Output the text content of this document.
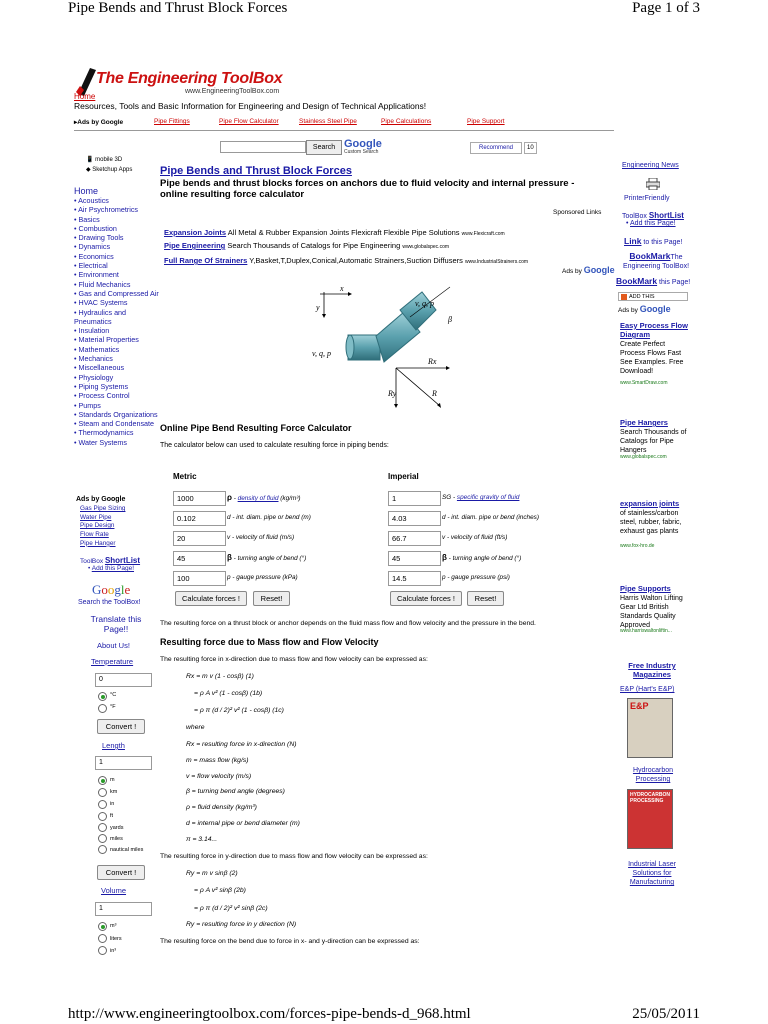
Pipe Bends and Thrust Block Forces	Page 1 of 3
http://www.engineeringtoolbox.com/forces-pipe-bends-d_968.html	25/05/2011
The Engineering ToolBox
www.EngineeringToolBox.com
Home
Resources, Tools and Basic Information for Engineering and Design of Technical Applications!
▸Ads by Google	Pipe Fittings	Pipe Flow Calculator	Stainless Steel Pipe	Pipe Calculations	Pipe Support
Search Google
Custom Search
Recommend	10
📱 mobile 3D
◆ Sketchup Apps
Home
• Acoustics
• Air Psychrometrics
• Basics
• Combustion
• Drawing Tools
• Dynamics
• Economics
• Electrical
• Environment
• Fluid Mechanics
• Gas and Compressed Air
• HVAC Systems
• Hydraulics and Pneumatics
• Insulation
• Material Properties
• Mathematics
• Mechanics
• Miscellaneous
• Physiology
• Piping Systems
• Process Control
• Pumps
• Standards Organizations
• Steam and Condensate
• Thermodynamics
• Water Systems
Ads by Google
Gas Pipe Sizing
Water Pipe
Pipe Design
Flow Rate
Pipe Hanger
ToolBox ShortList
• Add this Page!
Google
Search the ToolBox!
Translate this Page!!
About Us!
Temperature
0
°C
°F
Convert !
Length
1
m
km
in
ft
yards
miles
nautical miles
Convert !
Volume
1
m³
liters
in³
Pipe Bends and Thrust Block Forces
Pipe bends and thrust blocks forces on anchors due to fluid velocity and internal pressure - online resulting force calculator
Sponsored Links
Expansion Joints All Metal & Rubber Expansion Joints Flexicraft Flexible Pipe Solutions www.Flexicraft.com
Pipe Engineering Search Thousands of Catalogs for Pipe Engineering www.globalspec.com
Full Range Of Strainers Y,Basket,T,Duplex,Conical,Automatic Strainers,Suction Diffusers www.IndustrialStrainers.com
Ads by Google
x
y	v, q, p
β
v, q, p
Rx
Ry	R
Online Pipe Bend Resulting Force Calculator
The calculator below can used to calculate resulting force in piping bends:
Metric	Imperial
1000	ρ - density of fluid (kg/m³)
0.102	d - int. diam. pipe or bend (m)
20	v - velocity of fluid (m/s)
45	β - turning angle of bend (°)
100	p - gauge pressure (kPa)
Calculate forces !	Reset!
1	SG - specific gravity of fluid
4.03	d - int. diam. pipe or bend (inches)
66.7	v - velocity of fluid (ft/s)
45	β - turning angle of bend (°)
14.5	p - gauge pressure (psi)
Calculate forces !	Reset!
The resulting force on a thrust block or anchor depends on the fluid mass flow and flow velocity and the pressure in the bend.
Resulting force due to Mass flow and Flow Velocity
The resulting force in x-direction due to mass flow and flow velocity can be expressed as:
Rx = m v (1 - cosβ) (1)
= ρ A v² (1 - cosβ) (1b)
= ρ π (d / 2)² v² (1 - cosβ) (1c)
where
Rx = resulting force in x-direction (N)
m = mass flow (kg/s)
v = flow velocity (m/s)
β = turning bend angle (degrees)
ρ = fluid density (kg/m³)
d = internal pipe or bend diameter (m)
π = 3.14...
The resulting force in y-direction due to mass flow and flow velocity can be expressed as:
Ry = m v sinβ (2)
= ρ A v² sinβ (2b)
= ρ π (d / 2)² v² sinβ (2c)
Ry = resulting force in y direction (N)
The resulting force on the bend due to force in x- and y-direction can be expressed as:
Engineering News
PrinterFriendly
ToolBox ShortList
• Add this Page!
Link to this Page!
BookMarkThe Engineering ToolBox!
BookMark this Page!
ADD THIS
Ads by Google
Easy Process Flow Diagram
Create Perfect Process Flows Fast See Examples. Free Download!
www.SmartDraw.com
Pipe Hangers
Search Thousands of Catalogs for Pipe Hangers
www.globalspec.com
expansion joints
of stainless/carbon steel, rubber, fabric, exhaust gas plants
www.fox-hro.de
Pipe Supports
Harris Walton Lifting Gear Ltd British Standards Quality Approved
www.harriswaltonliftin...
Free Industry Magazines
E&P (Hart's E&P)
E&P
Hydrocarbon Processing
HYDROCARBON PROCESSING
Industrial Laser Solutions for Manufacturing
